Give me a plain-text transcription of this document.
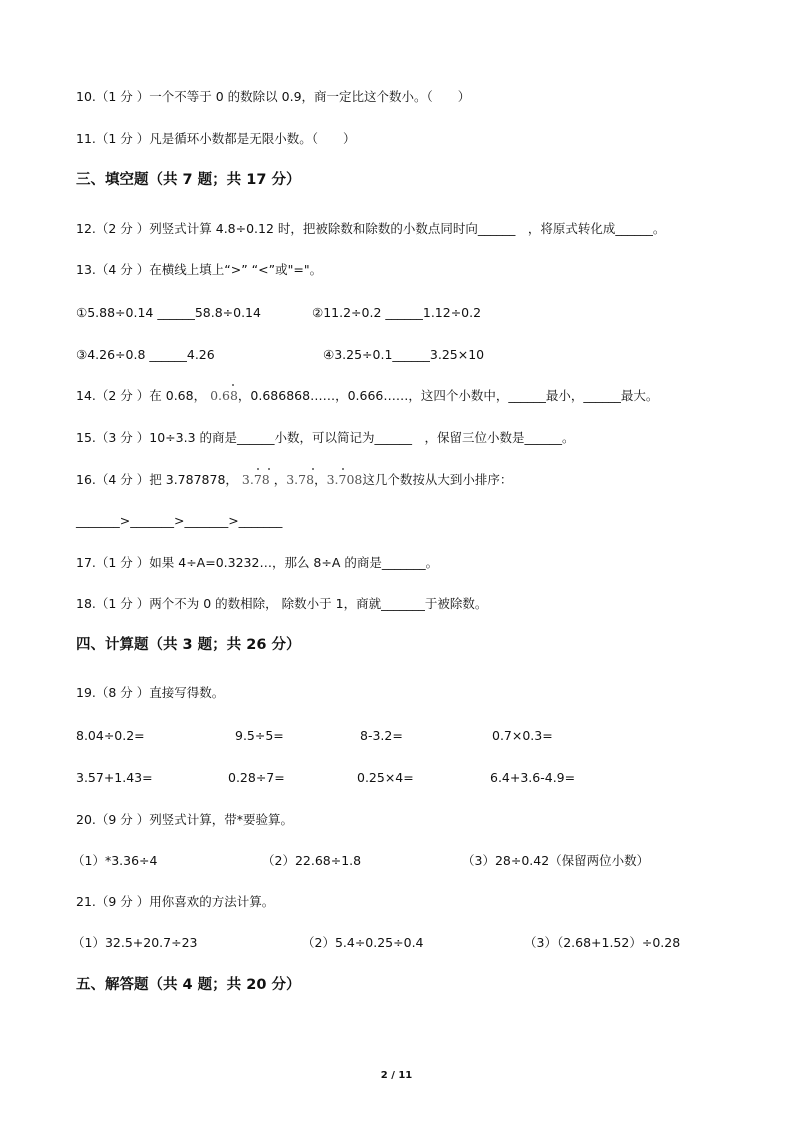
10.（1 分 ）一个不等于 0 的数除以 0.9，商一定比这个数小。（　　）
11.（1 分 ）凡是循环小数都是无限小数。（　　）
三、填空题（共 7 题；共 17 分）
12.（2 分 ）列竖式计算 4.8÷0.12 时，把被除数和除数的小数点同时向______　，将原式转化成______。
13.（4 分 ）在横线上填上“>” “<”或"="。
①5.88÷0.14 ______58.8÷0.14	②11.2÷0.2 ______1.12÷0.2
③4.26÷0.8 ______4.26	④3.25÷0.1______3.25×10
14.（2 分 ）在 0.68， 0.68
，0.686868……，0.666……，这四个小数中，______最小，______最大。
16.（4 分 ）把 3.787878， 3.78
，3.78
，3.708
这几个数按从大到小排序：
15.（3 分 ）10÷3.3 的商是______小数，可以简记为______　，保留三位小数是______。
_______>_______>_______>_______
17.（1 分 ）如果 4÷A=0.3232…，那么 8÷A 的商是_______。
18.（1 分 ）两个不为 0 的数相除， 除数小于 1，商就_______于被除数。
四、计算题（共 3 题；共 26 分）
19.（8 分 ）直接写得数。
8.04÷0.2=	9.5÷5=	8-3.2=	0.7×0.3=
3.57+1.43=	0.28÷7=	0.25×4=	6.4+3.6-4.9=
20.（9 分 ）列竖式计算，带*要验算。
（1）*3.36÷4	（2）22.68÷1.8	（3）28÷0.42（保留两位小数）
21.（9 分 ）用你喜欢的方法计算。
（1）32.5+20.7÷23	（2）5.4÷0.25÷0.4	（3）（2.68+1.52）÷0.28
五、解答题（共 4 题；共 20 分）
2 / 11
